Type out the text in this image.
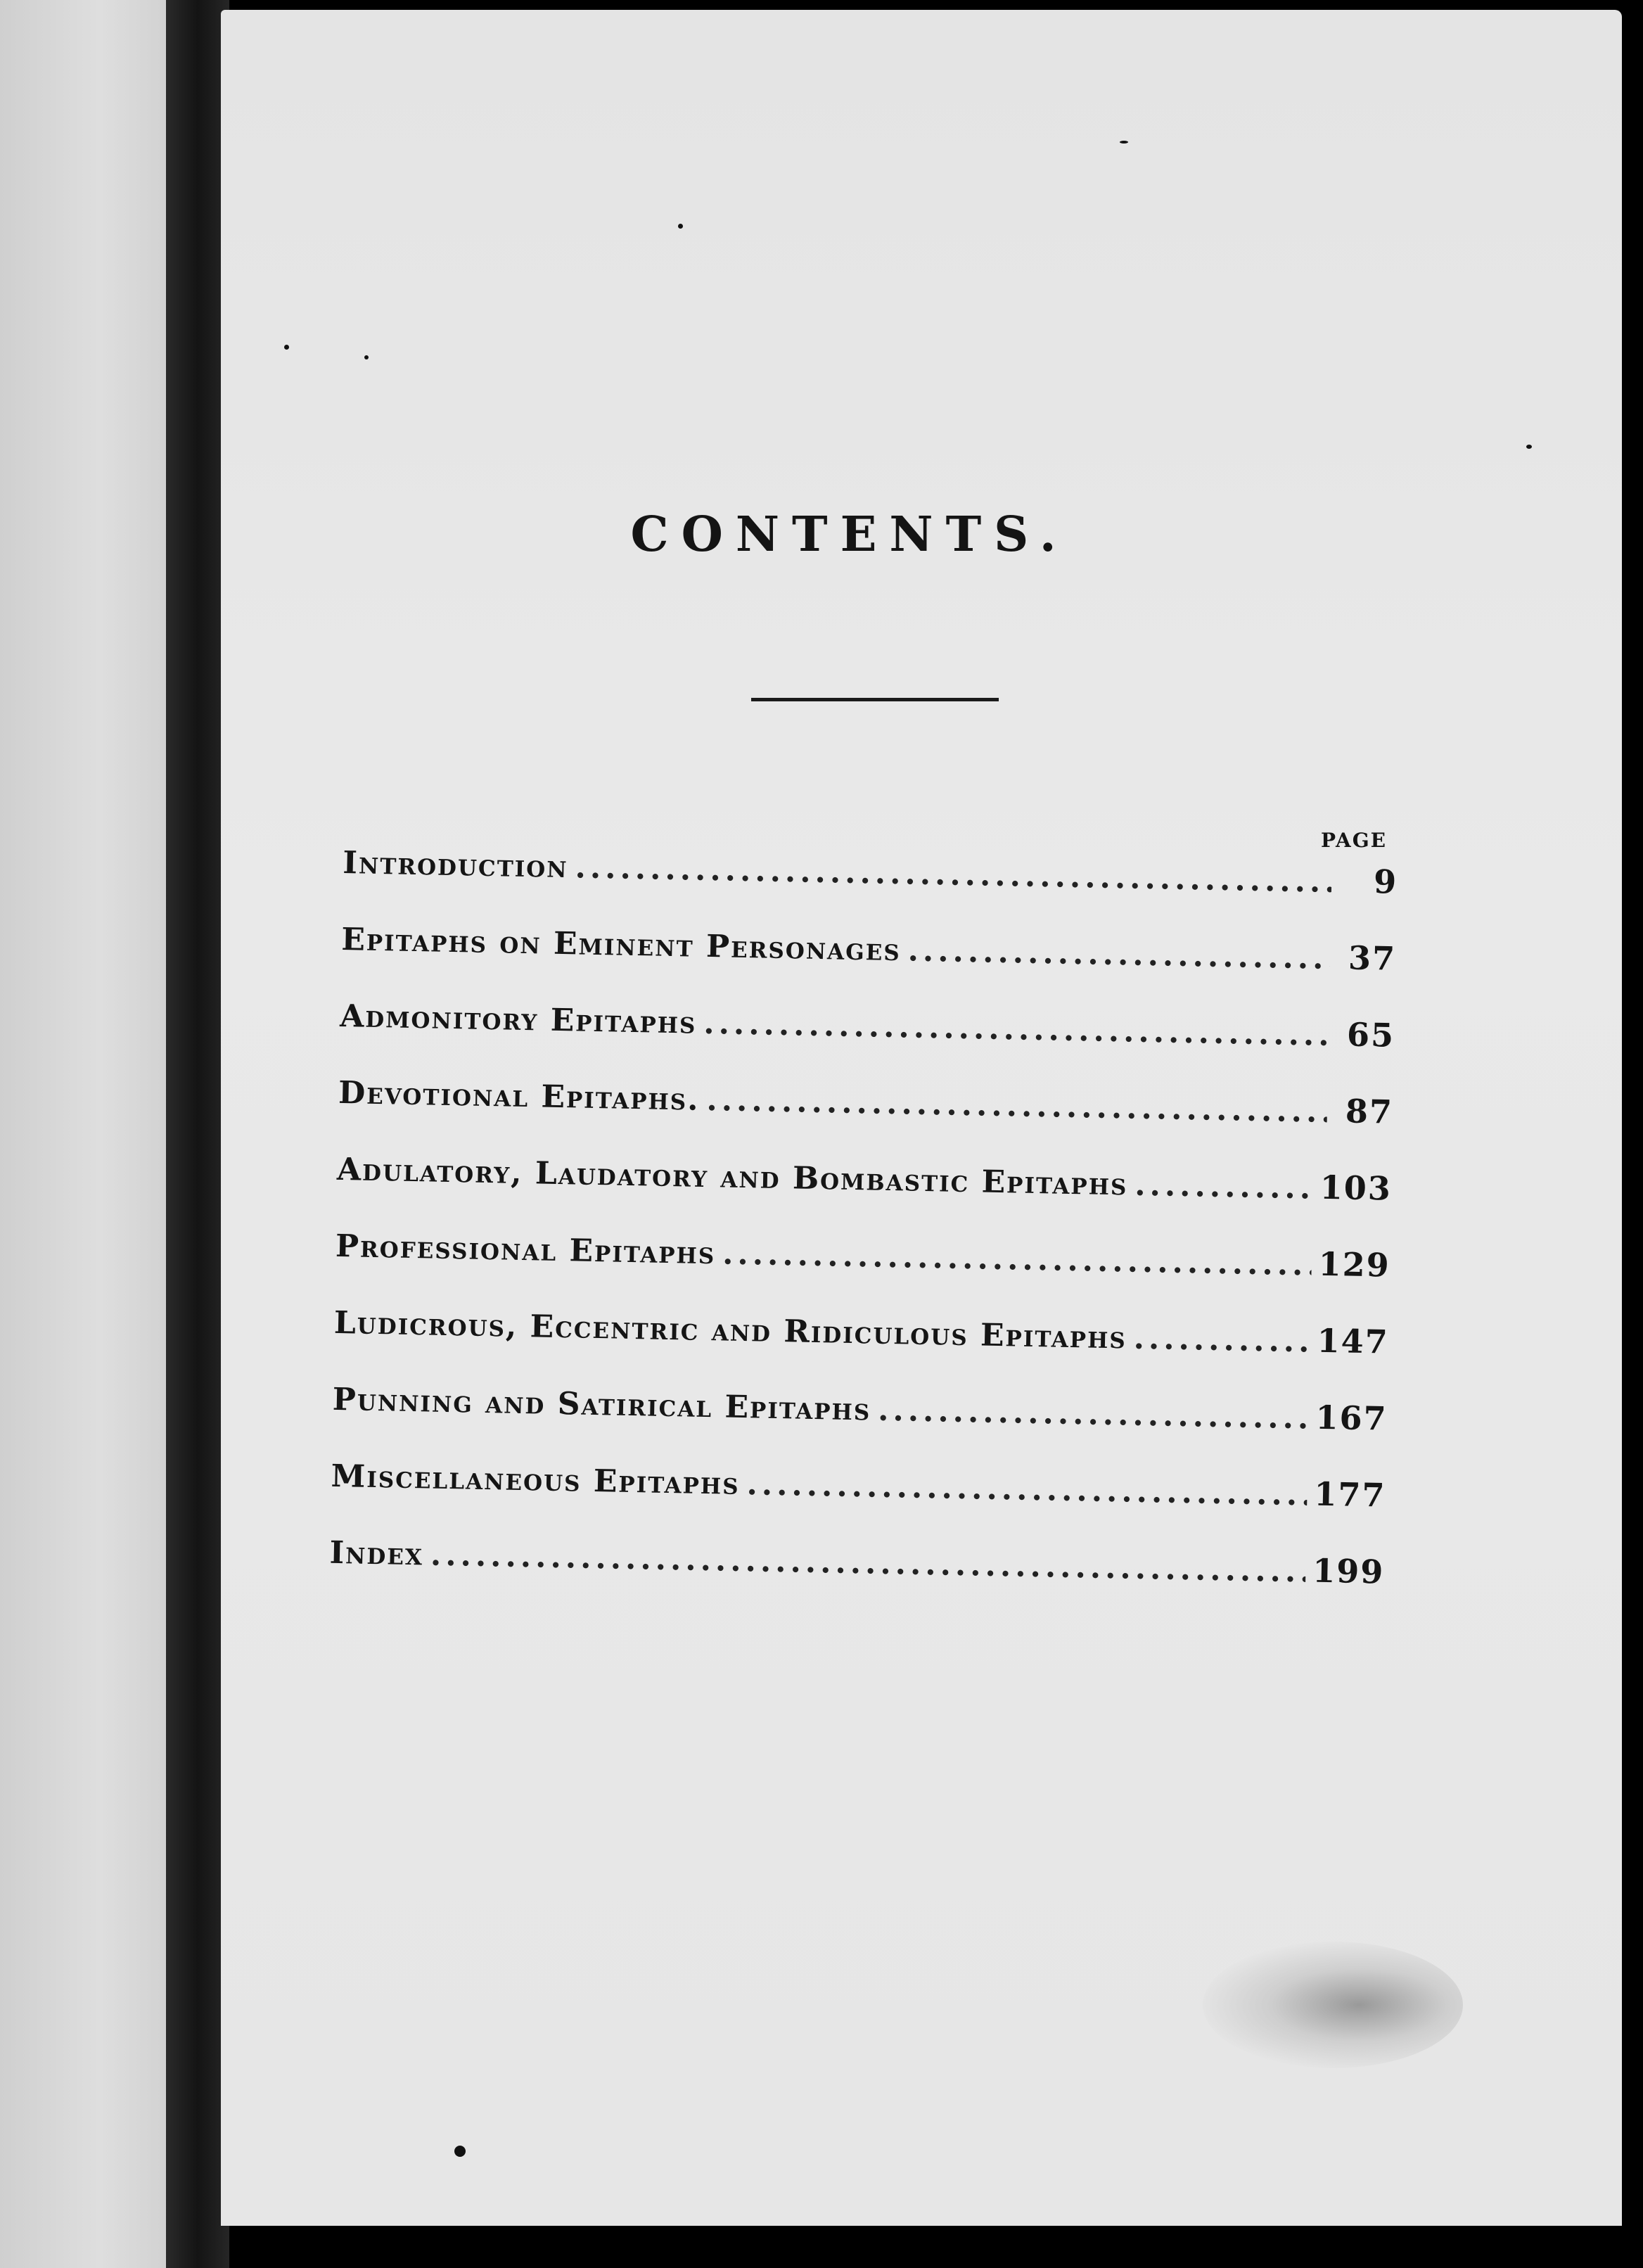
CONTENTS.
PAGE
Introduction .....	9
Epitaphs on Eminent Personages .....	37
Admonitory Epitaphs .....	65
Devotional Epitaphs. .....	87
Adulatory, Laudatory and Bombastic Epitaphs .....	103
Professional Epitaphs .....	129
Ludicrous, Eccentric and Ridiculous Epitaphs .....	147
Punning and Satirical Epitaphs .....	167
Miscellaneous Epitaphs .....	177
Index .....	199
